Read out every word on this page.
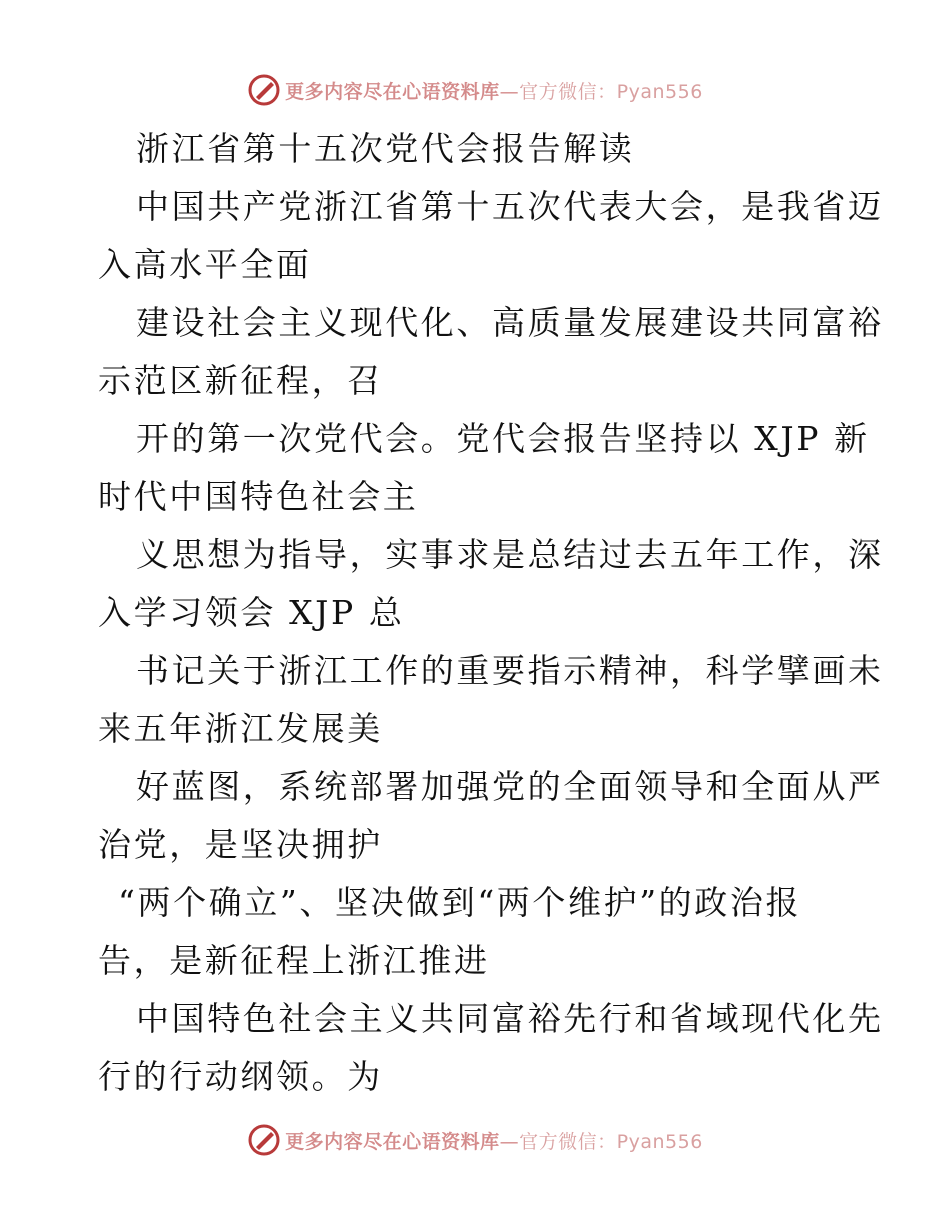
更多内容尽在心语资料库—官方微信：Pyan556
浙江省第十五次党代会报告解读
中国共产党浙江省第十五次代表大会，是我省迈
入高水平全面
建设社会主义现代化、高质量发展建设共同富裕
示范区新征程，召
开的第一次党代会。党代会报告坚持以 XJP 新
时代中国特色社会主
义思想为指导，实事求是总结过去五年工作，深
入学习领会 XJP 总
书记关于浙江工作的重要指示精神，科学擘画未
来五年浙江发展美
好蓝图，系统部署加强党的全面领导和全面从严
治党，是坚决拥护
“两个确立”、坚决做到“两个维护”的政治报
告，是新征程上浙江推进
中国特色社会主义共同富裕先行和省域现代化先
行的行动纲领。为
更多内容尽在心语资料库—官方微信：Pyan556
